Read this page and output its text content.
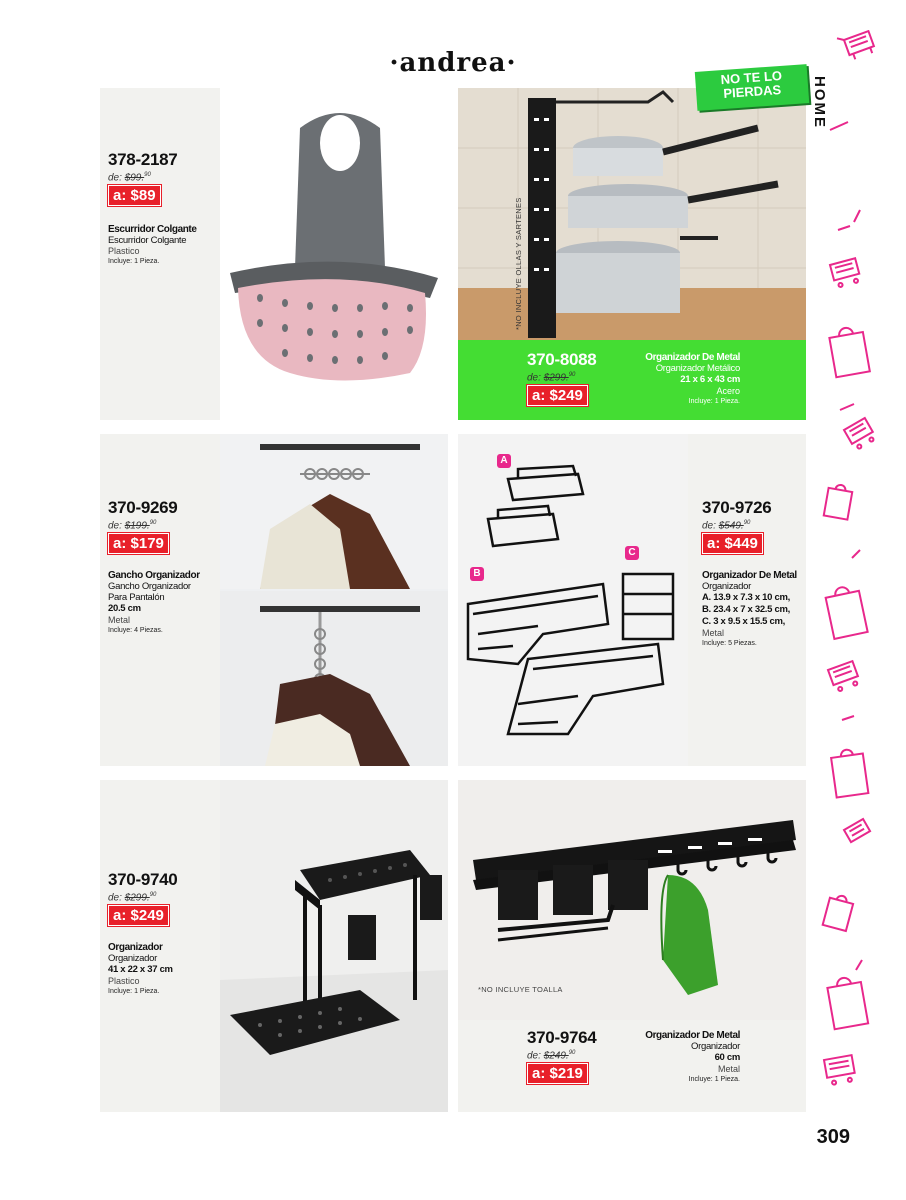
·andrea·
HOME
378-2187
de: $99.90
a: $89
Escurridor Colgante
Escurridor Colgante
Plastico
Incluye: 1 Pieza.	*NO INCLUYE OLLAS Y SARTENES
370-8088
de: $299.90
a: $249
Organizador De Metal
Organizador Metálico
21 x 6 x 43 cm
Acero
Incluye: 1 Pieza.
NO TE LO PIERDAS
370-9269
de: $199.90
a: $179
Gancho Organizador
Gancho Organizador
Para Pantalón
20.5 cm
Metal
Incluye: 4 Piezas.
A
B
C
370-9726
de: $549.90
a: $449
Organizador De Metal
Organizador
A. 13.9 x 7.3 x 10 cm,
B. 23.4 x 7 x 32.5 cm,
C. 3 x 9.5 x 15.5 cm,
Metal
Incluye: 5 Piezas.
370-9740
de: $299.90
a: $249
Organizador
Organizador
41 x 22 x 37 cm
Plastico
Incluye: 1 Pieza.	*NO INCLUYE TOALLA
370-9764
de: $249.90
a: $219
Organizador De Metal
Organizador
60 cm
Metal
Incluye: 1 Pieza.
309
